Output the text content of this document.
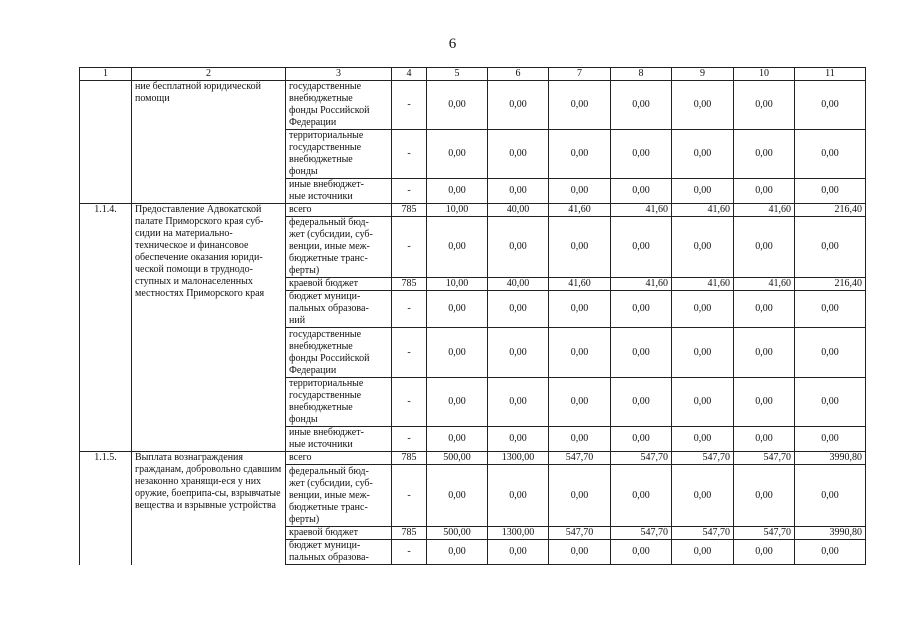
6
1	2	3	4	5	6	7	8	9	10	11
	ние бесплатной юридической помощи	государственные
внебюджетные
фонды Российской
Федерации	-	0,00	0,00	0,00	0,00	0,00	0,00	0,00
		территориальные
государственные
внебюджетные
фонды	-	0,00	0,00	0,00	0,00	0,00	0,00	0,00
		иные внебюджет-
ные источники	-	0,00	0,00	0,00	0,00	0,00	0,00	0,00
1.1.4.	Предоставление Адвокатской палате Приморского края суб-сидии на материально-техническое и финансовое обеспечение оказания юриди-ческой помощи в труднодо-ступных и малонаселенных местностях Приморского края	всего	785	10,00	40,00	41,60	41,60	41,60	41,60	216,40
		федеральный бюд-
жет (субсидии, суб-
венции, иные меж-
бюджетные транс-
ферты)	-	0,00	0,00	0,00	0,00	0,00	0,00	0,00
		краевой бюджет	785	10,00	40,00	41,60	41,60	41,60	41,60	216,40
		бюджет муници-
пальных образова-
ний	-	0,00	0,00	0,00	0,00	0,00	0,00	0,00
		государственные
внебюджетные
фонды Российской
Федерации	-	0,00	0,00	0,00	0,00	0,00	0,00	0,00
		территориальные
государственные
внебюджетные
фонды	-	0,00	0,00	0,00	0,00	0,00	0,00	0,00
		иные внебюджет-
ные источники	-	0,00	0,00	0,00	0,00	0,00	0,00	0,00
1.1.5.	Выплата вознаграждения гражданам, добровольно сдавшим незаконно хранящи-еся у них оружие, боеприпа-сы, взрывчатые вещества и взрывные устройства	всего	785	500,00	1300,00	547,70	547,70	547,70	547,70	3990,80
		федеральный бюд-
жет (субсидии, суб-
венции, иные меж-
бюджетные транс-
ферты)	-	0,00	0,00	0,00	0,00	0,00	0,00	0,00
		краевой бюджет	785	500,00	1300,00	547,70	547,70	547,70	547,70	3990,80
		бюджет муници-
пальных образова-	-	0,00	0,00	0,00	0,00	0,00	0,00	0,00
